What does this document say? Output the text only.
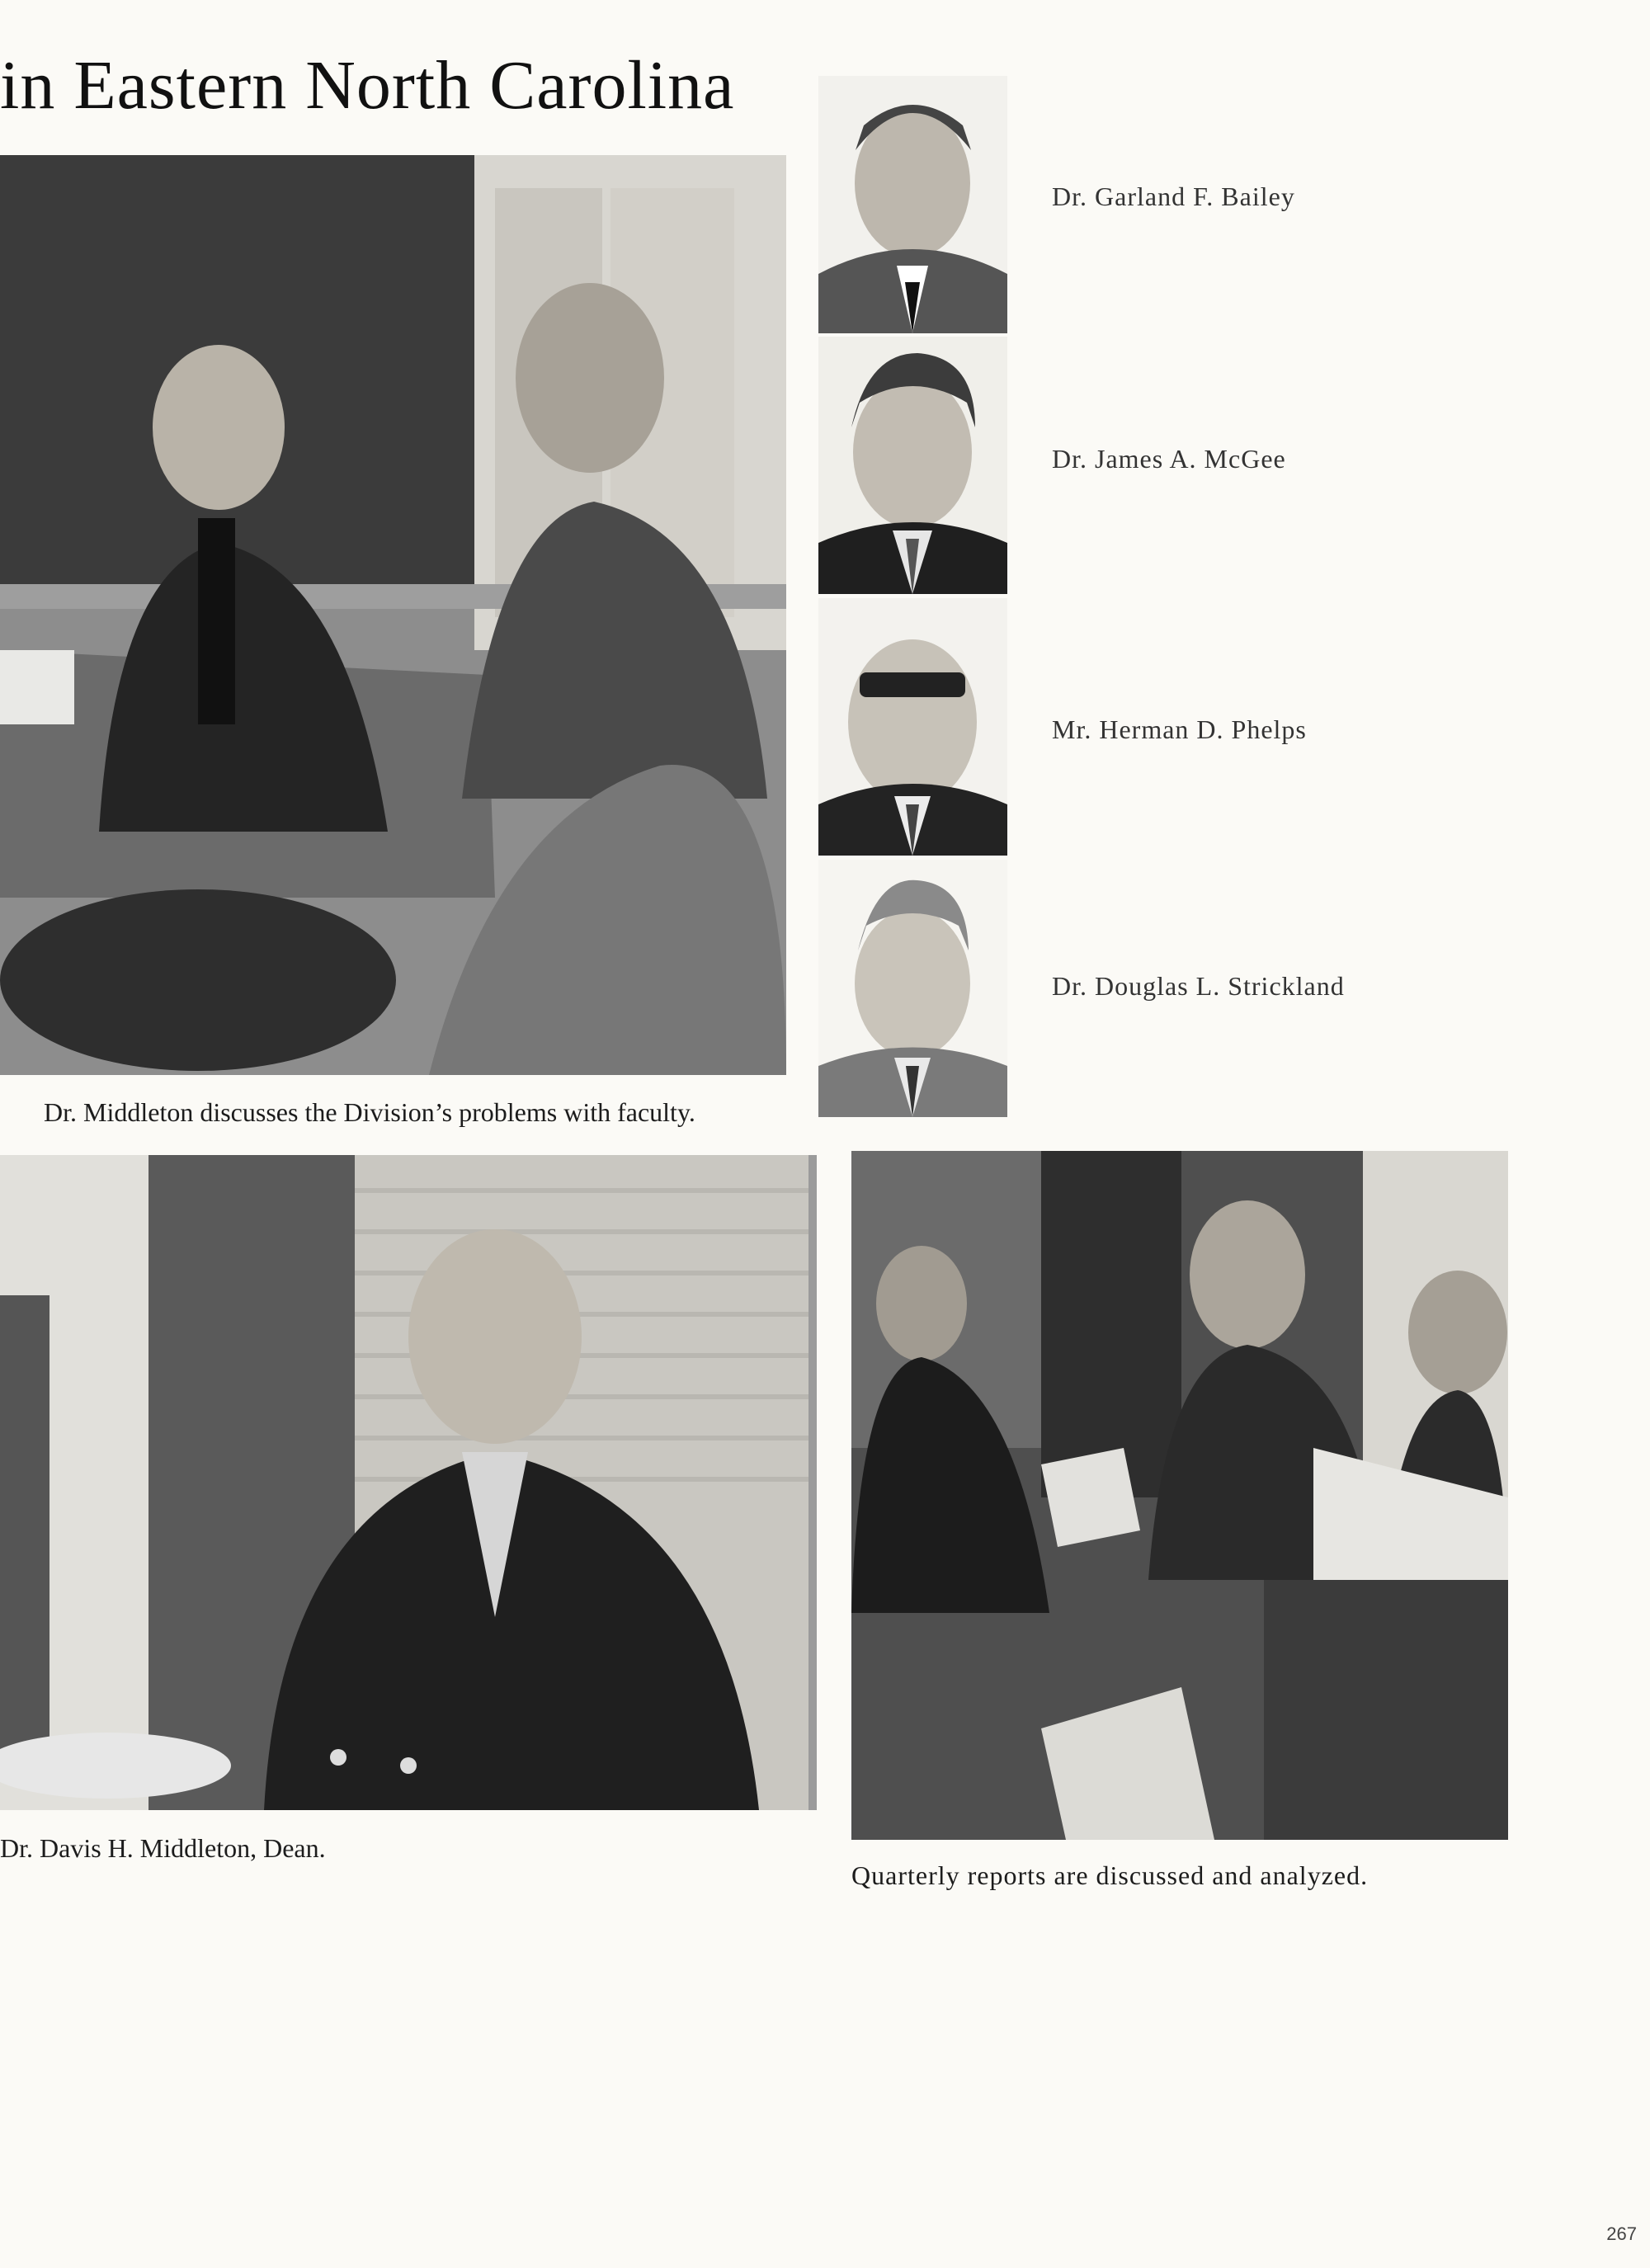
in Eastern North Carolina
Dr. Middleton discusses the Division’s problems with faculty.
Dr. Garland F. Bailey
Dr. James A. McGee
Mr. Herman D. Phelps
Dr. Douglas L. Strickland
Dr. Davis H. Middleton, Dean.
Quarterly reports are discussed and analyzed.
267
